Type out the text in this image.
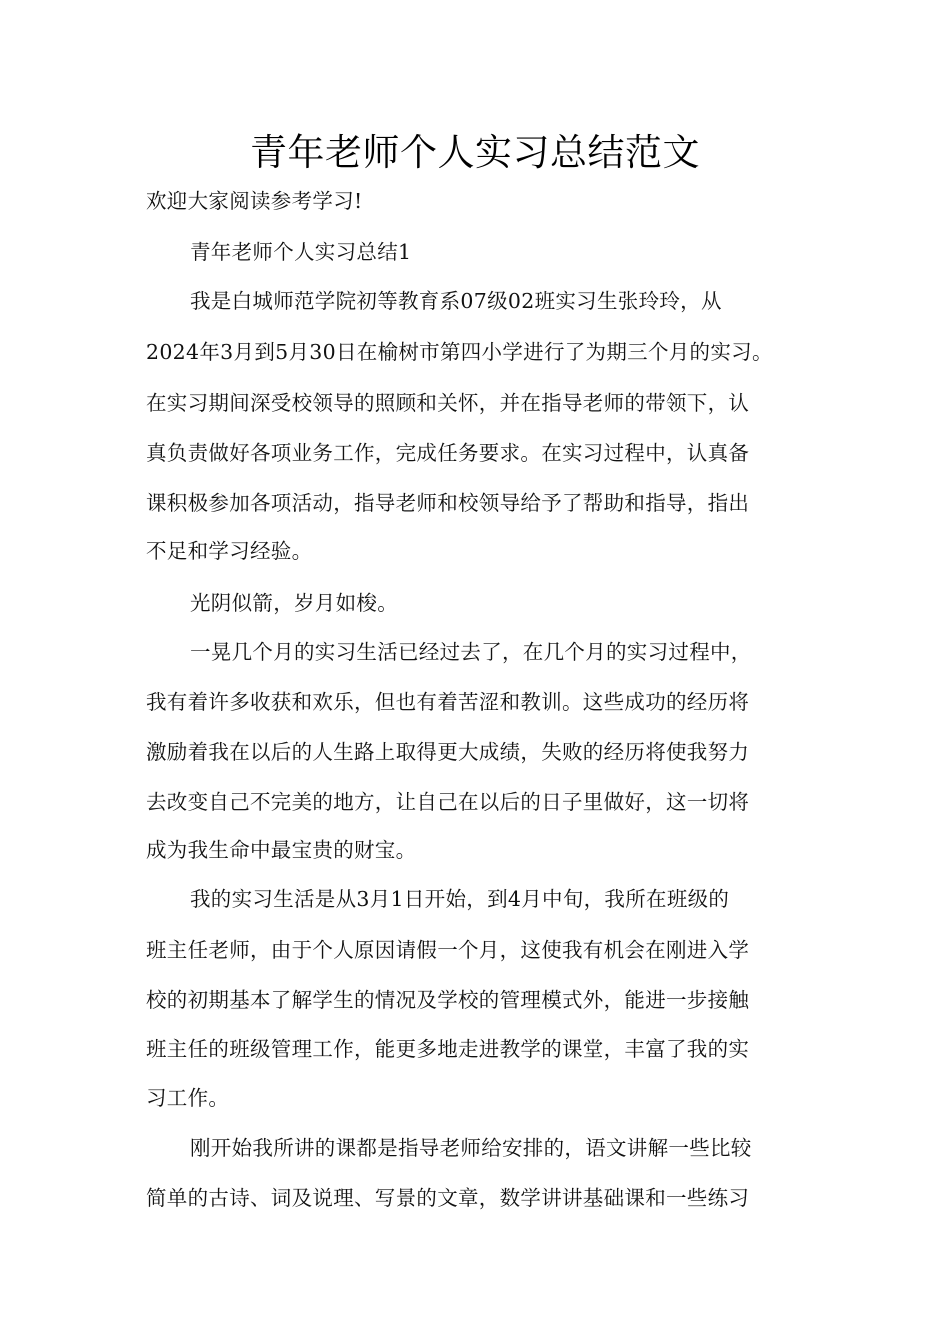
青年老师个人实习总结范文

欢迎大家阅读参考学习!

青年老师个人实习总结1

我是白城师范学院初等教育系07级02班实习生张玲玲，从

2024年3月到5月30日在榆树市第四小学进行了为期三个月的实习。

在实习期间深受校领导的照顾和关怀，并在指导老师的带领下，认

真负责做好各项业务工作，完成任务要求。在实习过程中，认真备

课积极参加各项活动，指导老师和校领导给予了帮助和指导，指出

不足和学习经验。

光阴似箭，岁月如梭。

一晃几个月的实习生活已经过去了，在几个月的实习过程中，

我有着许多收获和欢乐，但也有着苦涩和教训。这些成功的经历将

激励着我在以后的人生路上取得更大成绩，失败的经历将使我努力

去改变自己不完美的地方，让自己在以后的日子里做好，这一切将

成为我生命中最宝贵的财宝。

我的实习生活是从3月1日开始，到4月中旬，我所在班级的

班主任老师，由于个人原因请假一个月，这使我有机会在刚进入学

校的初期基本了解学生的情况及学校的管理模式外，能进一步接触

班主任的班级管理工作，能更多地走进教学的课堂，丰富了我的实

习工作。

刚开始我所讲的课都是指导老师给安排的，语文讲解一些比较

简单的古诗、词及说理、写景的文章，数学讲讲基础课和一些练习
